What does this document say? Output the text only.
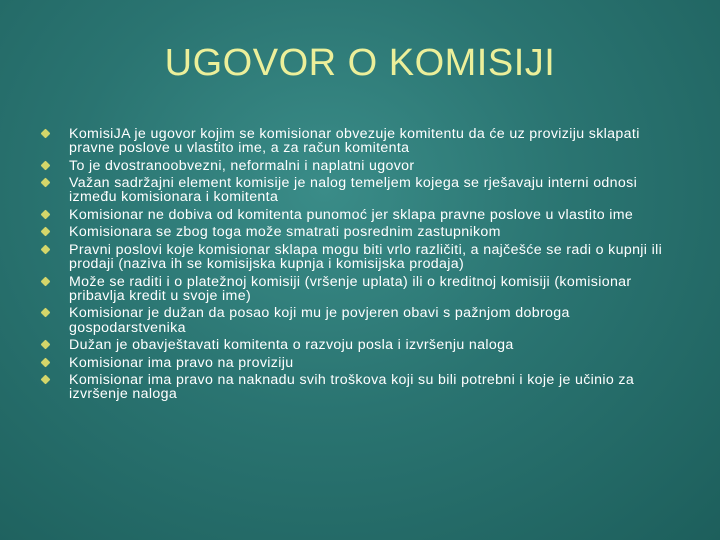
UGOVOR O KOMISIJI
KomisiJA je ugovor kojim se komisionar obvezuje komitentu da će uz proviziju sklapati pravne poslove u vlastito ime, a za račun komitenta
To je dvostranoobvezni, neformalni i naplatni ugovor
Važan sadržajni element komisije je nalog temeljem kojega se rješavaju interni odnosi između komisionara i komitenta
Komisionar ne dobiva od komitenta punomoć jer sklapa pravne poslove u vlastito ime
Komisionara se zbog toga može smatrati posrednim zastupnikom
Pravni poslovi koje komisionar sklapa mogu biti vrlo različiti, a najčešće se radi o kupnji ili prodaji (naziva ih se komisijska kupnja i komisijska prodaja)
Može se raditi i o platežnoj komisiji (vršenje uplata) ili o kreditnoj komisiji (komisionar pribavlja kredit u svoje ime)
Komisionar je dužan da posao koji mu je povjeren obavi s pažnjom dobroga gospodarstvenika
Dužan je obavještavati komitenta o razvoju posla i izvršenju naloga
Komisionar ima pravo na proviziju
Komisionar ima pravo na naknadu svih troškova koji su bili potrebni i koje je učinio za izvršenje naloga
